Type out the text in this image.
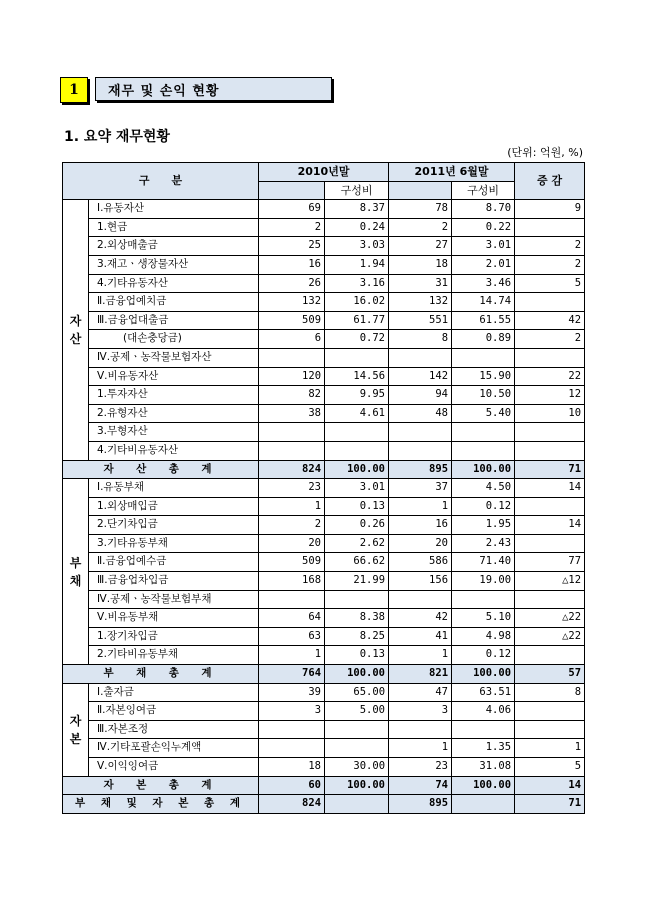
1	재무 및 손익 현황
1. 요약 재무현황
(단위: 억원, %)
구　　분		2010년말		2011년 6월말		증 감
			구성비		구성비	
자
산	Ⅰ.유동자산	69	8.37	78	8.70	9
	1.현금	2	0.24	2	0.22	
	2.외상매출금	25	3.03	27	3.01	2
	3.재고ㆍ생장물자산	16	1.94	18	2.01	2
	4.기타유동자산	26	3.16	31	3.46	5
	Ⅱ.금융업예치금	132	16.02	132	14.74	
	Ⅲ.금융업대출금	509	61.77	551	61.55	42
	(대손충당금)	6	0.72	8	0.89	2
	Ⅳ.공제ㆍ농작물보험자산					
	Ⅴ.비유동자산	120	14.56	142	15.90	22
	1.투자자산	82	9.95	94	10.50	12
	2.유형자산	38	4.61	48	5.40	10
	3.무형자산					
	4.기타비유동자산					
자　산　총　계		824	100.00	895	100.00	71
부
채	Ⅰ.유동부채	23	3.01	37	4.50	14
	1.외상매입금	1	0.13	1	0.12	
	2.단기차입금	2	0.26	16	1.95	14
	3.기타유동부채	20	2.62	20	2.43	
	Ⅱ.금융업예수금	509	66.62	586	71.40	77
	Ⅲ.금융업차입금	168	21.99	156	19.00	△12
	Ⅳ.공제ㆍ농작물보험부채					
	Ⅴ.비유동부채	64	8.38	42	5.10	△22
	1.장기차입금	63	8.25	41	4.98	△22
	2.기타비유동부채	1	0.13	1	0.12	
부　채　총　계		764	100.00	821	100.00	57
자
본	Ⅰ.출자금	39	65.00	47	63.51	8
	Ⅱ.자본잉여금	3	5.00	3	4.06	
	Ⅲ.자본조정					
	Ⅳ.기타포괄손익누계액			1	1.35	1
	Ⅴ.이익잉여금	18	30.00	23	31.08	5
자　본　총　계		60	100.00	74	100.00	14
부 채 및 자 본 총 계		824		895		71
